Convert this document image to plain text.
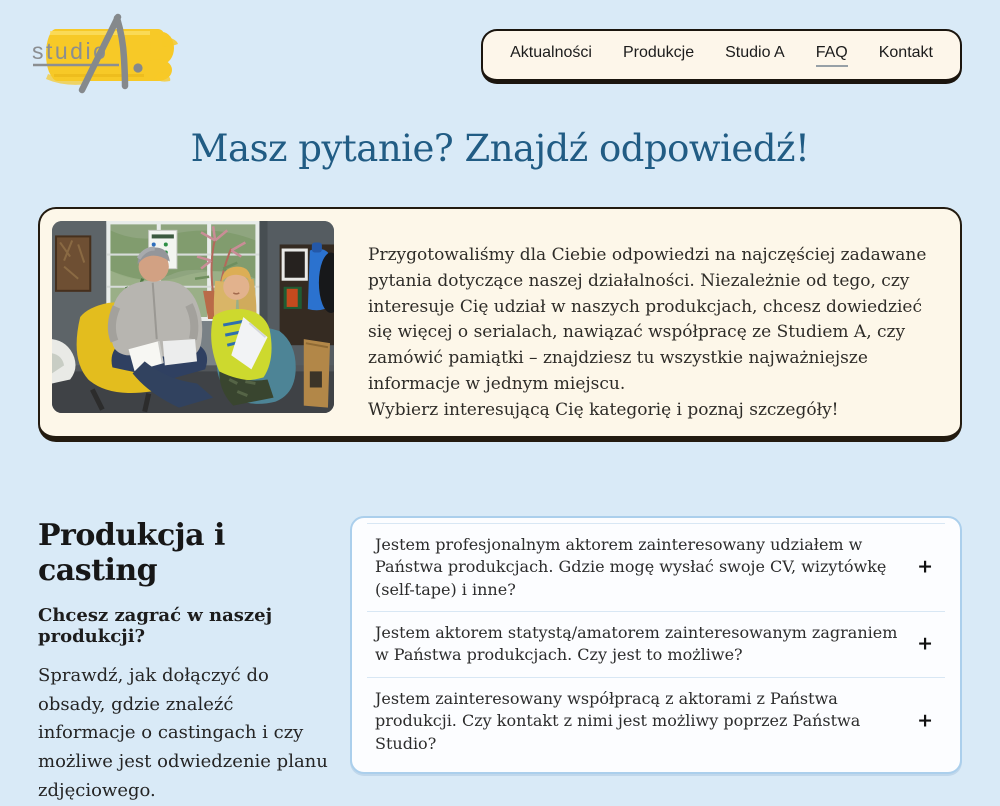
studio	Aktualności Produkcje Studio A FAQ Kontakt
Masz pytanie? Znajdź odpowiedź!

Przygotowaliśmy dla Ciebie odpowiedzi na najczęściej zadawane pytania dotyczące naszej działalności. Niezależnie od tego, czy interesuje Cię udział w naszych produkcjach, chcesz dowiedzieć się więcej o serialach, nawiązać współpracę ze Studiem A, czy zamówić pamiątki – znajdziesz tu wszystkie najważniejsze informacje w jednym miejscu.

Wybierz interesującą Cię kategorię i poznaj szczegóły!

Produkcja i casting
Chcesz zagrać w naszej produkcji?

Sprawdź, jak dołączyć do obsady, gdzie znaleźć informacje o castingach i czy możliwe jest odwiedzenie planu zdjęciowego.

Jestem profesjonalnym aktorem zainteresowany udziałem w Państwa produkcjach. Gdzie mogę wysłać swoje CV, wizytówkę (self-tape) i inne?

+

Jestem aktorem statystą/amatorem zainteresowanym zagraniem w Państwa produkcjach. Czy jest to możliwe?	+

Jestem zainteresowany współpracą z aktorami z Państwa produkcji. Czy kontakt z nimi jest możliwy poprzez Państwa Studio?

+
